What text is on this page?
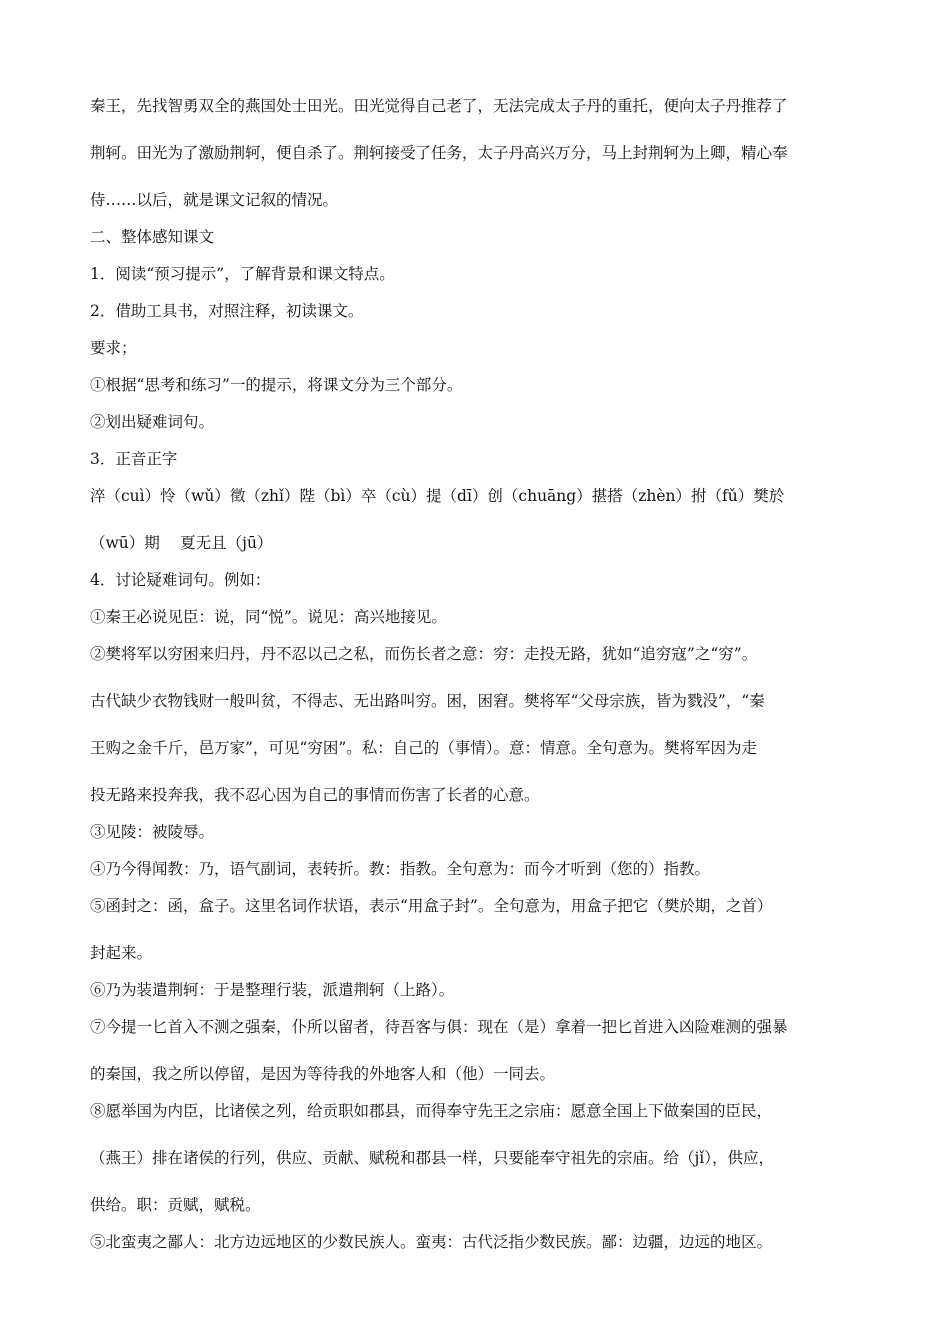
秦王，先找智勇双全的燕国处士田光。田光觉得自己老了，无法完成太子丹的重托，便向太子丹推荐了
荆轲。田光为了激励荆轲，便自杀了。荆轲接受了任务，太子丹高兴万分，马上封荆轲为上卿，精心奉
侍……以后，就是课文记叙的情况。

二、整体感知课文

1．阅读“预习提示”，了解背景和课文特点。

2．借助工具书，对照注释，初读课文。

要求；

①根据“思考和练习”一的提示，将课文分为三个部分。

②划出疑难词句。

3．正音正字

淬（cuì）怜（wǔ）徵（zhǐ）陛（bì）卒（cù）提（dī）创（chuāng）揕搭（zhèn）拊（fǔ）樊於
（wū）期　 夏无且（jū）

4．讨论疑难词句。例如：

①秦王必说见臣：说，同“悦”。说见：高兴地接见。

②樊将军以穷困来归丹，丹不忍以己之私，而伤长者之意：穷：走投无路，犹如“追穷寇”之“穷”。
古代缺少衣物钱财一般叫贫，不得志、无出路叫穷。困，困窘。樊将军“父母宗族，皆为戮没”，“秦
王购之金千斤，邑万家”，可见“穷困”。私：自己的（事情）。意：情意。全句意为。樊将军因为走
投无路来投奔我，我不忍心因为自己的事情而伤害了长者的心意。

③见陵：被陵辱。

④乃今得闻教：乃，语气副词，表转折。教：指教。全句意为：而今才听到（您的）指教。

⑤函封之：函，盒子。这里名词作状语，表示“用盒子封”。全句意为，用盒子把它（樊於期，之首）
封起来。

⑥乃为装遣荆轲：于是整理行装，派遣荆轲（上路）。

⑦今提一匕首入不测之强秦，仆所以留者，待吾客与俱：现在（是）拿着一把匕首进入凶险难测的强暴
的秦国，我之所以停留，是因为等待我的外地客人和（他）一同去。

⑧愿举国为内臣，比诸侯之列，给贡职如郡县，而得奉守先王之宗庙：愿意全国上下做秦国的臣民，
（燕王）排在诸侯的行列，供应、贡献、赋税和郡县一样，只要能奉守祖先的宗庙。给（jǐ），供应，
供给。职：贡赋，赋税。

⑤北蛮夷之鄙人：北方边远地区的少数民族人。蛮夷：古代泛指少数民族。鄙：边疆，边远的地区。
